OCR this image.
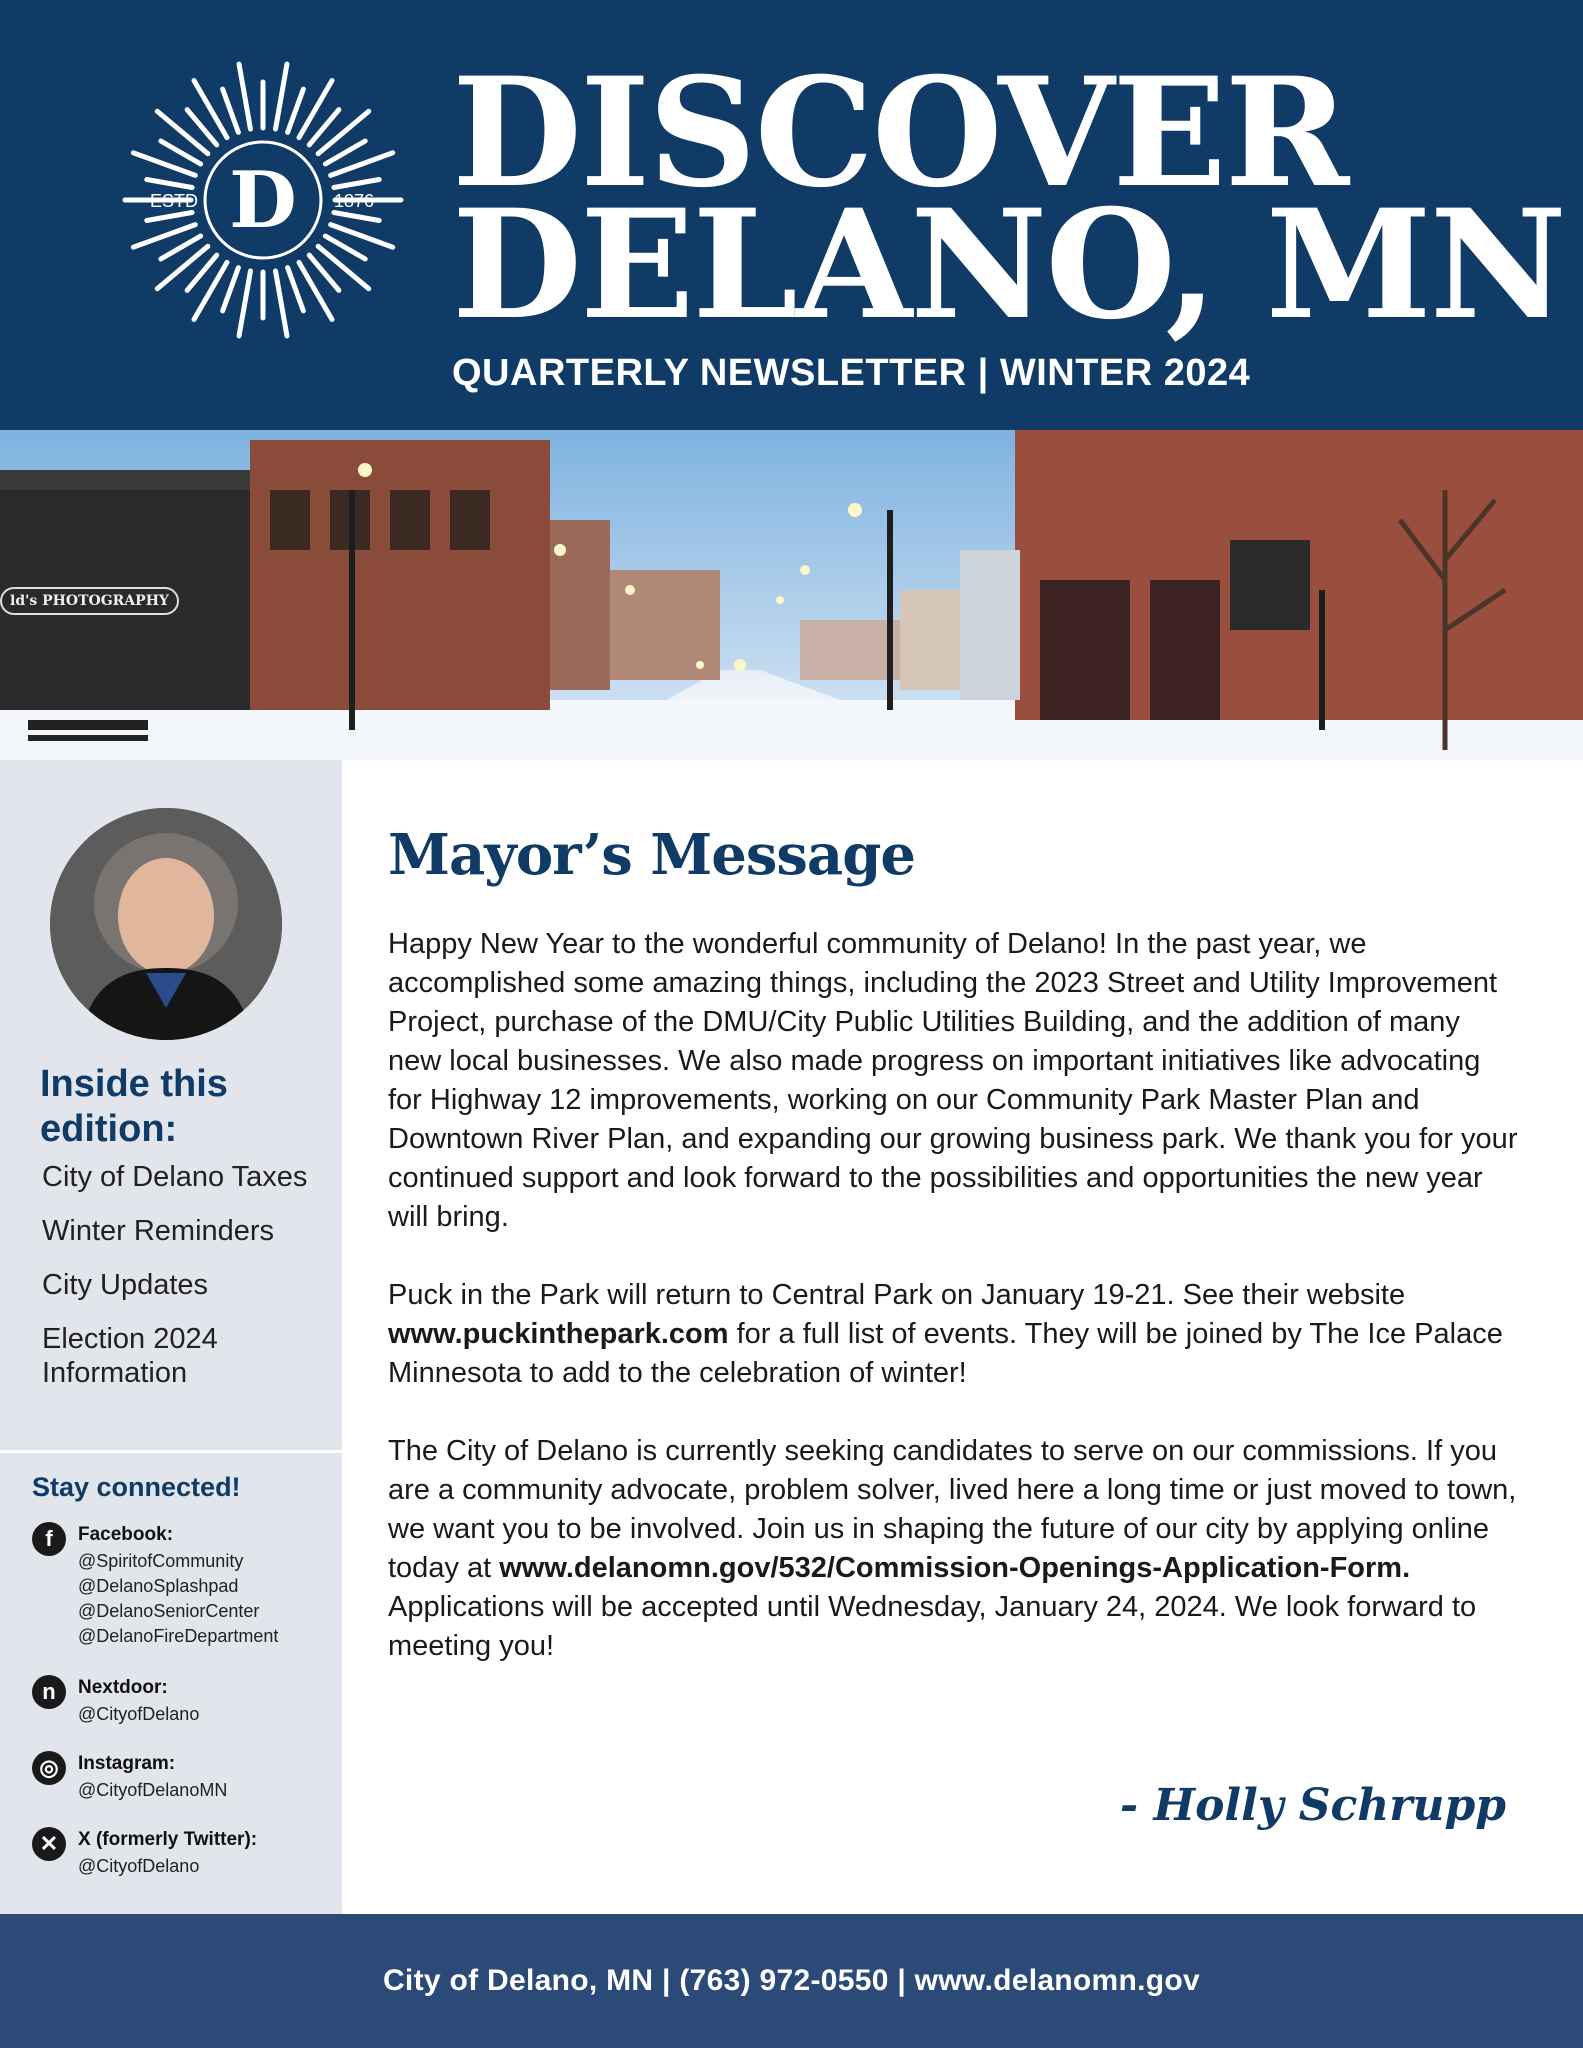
D
ESTD	1876 DISCOVER
DELANO, MN
QUARTERLY NEWSLETTER | WINTER 2024
ld's PHOTOGRAPHY
Inside this edition:
City of Delano Taxes
Winter Reminders
City Updates
Election 2024 Information
Stay connected!
f	Facebook:
@SpiritofCommunity
@DelanoSplashpad
@DelanoSeniorCenter
@DelanoFireDepartment
n	Nextdoor:
@CityofDelano
◎	Instagram:
@CityofDelanoMN
✕	X (formerly Twitter):
@CityofDelano
Mayor’s Message

Happy New Year to the wonderful community of Delano! In the past year, we accomplished some amazing things, including the 2023 Street and Utility Improvement Project, purchase of the DMU/City Public Utilities Building, and the addition of many new local businesses. We also made progress on important initiatives like advocating for Highway 12 improvements, working on our Community Park Master Plan and Downtown River Plan, and expanding our growing business park. We thank you for your continued support and look forward to the possibilities and opportunities the new year will bring.

Puck in the Park will return to Central Park on January 19-21. See their website www.puckinthepark.com for a full list of events. They will be joined by The Ice Palace Minnesota to add to the celebration of winter!

The City of Delano is currently seeking candidates to serve on our commissions. If you are a community advocate, problem solver, lived here a long time or just moved to town, we want you to be involved. Join us in shaping the future of our city by applying online today at www.delanomn.gov/532/Commission-Openings-Application-Form. Applications will be accepted until Wednesday, January 24, 2024. We look forward to meeting you!

- Holly Schrupp
City of Delano, MN | (763) 972-0550 | www.delanomn.gov
